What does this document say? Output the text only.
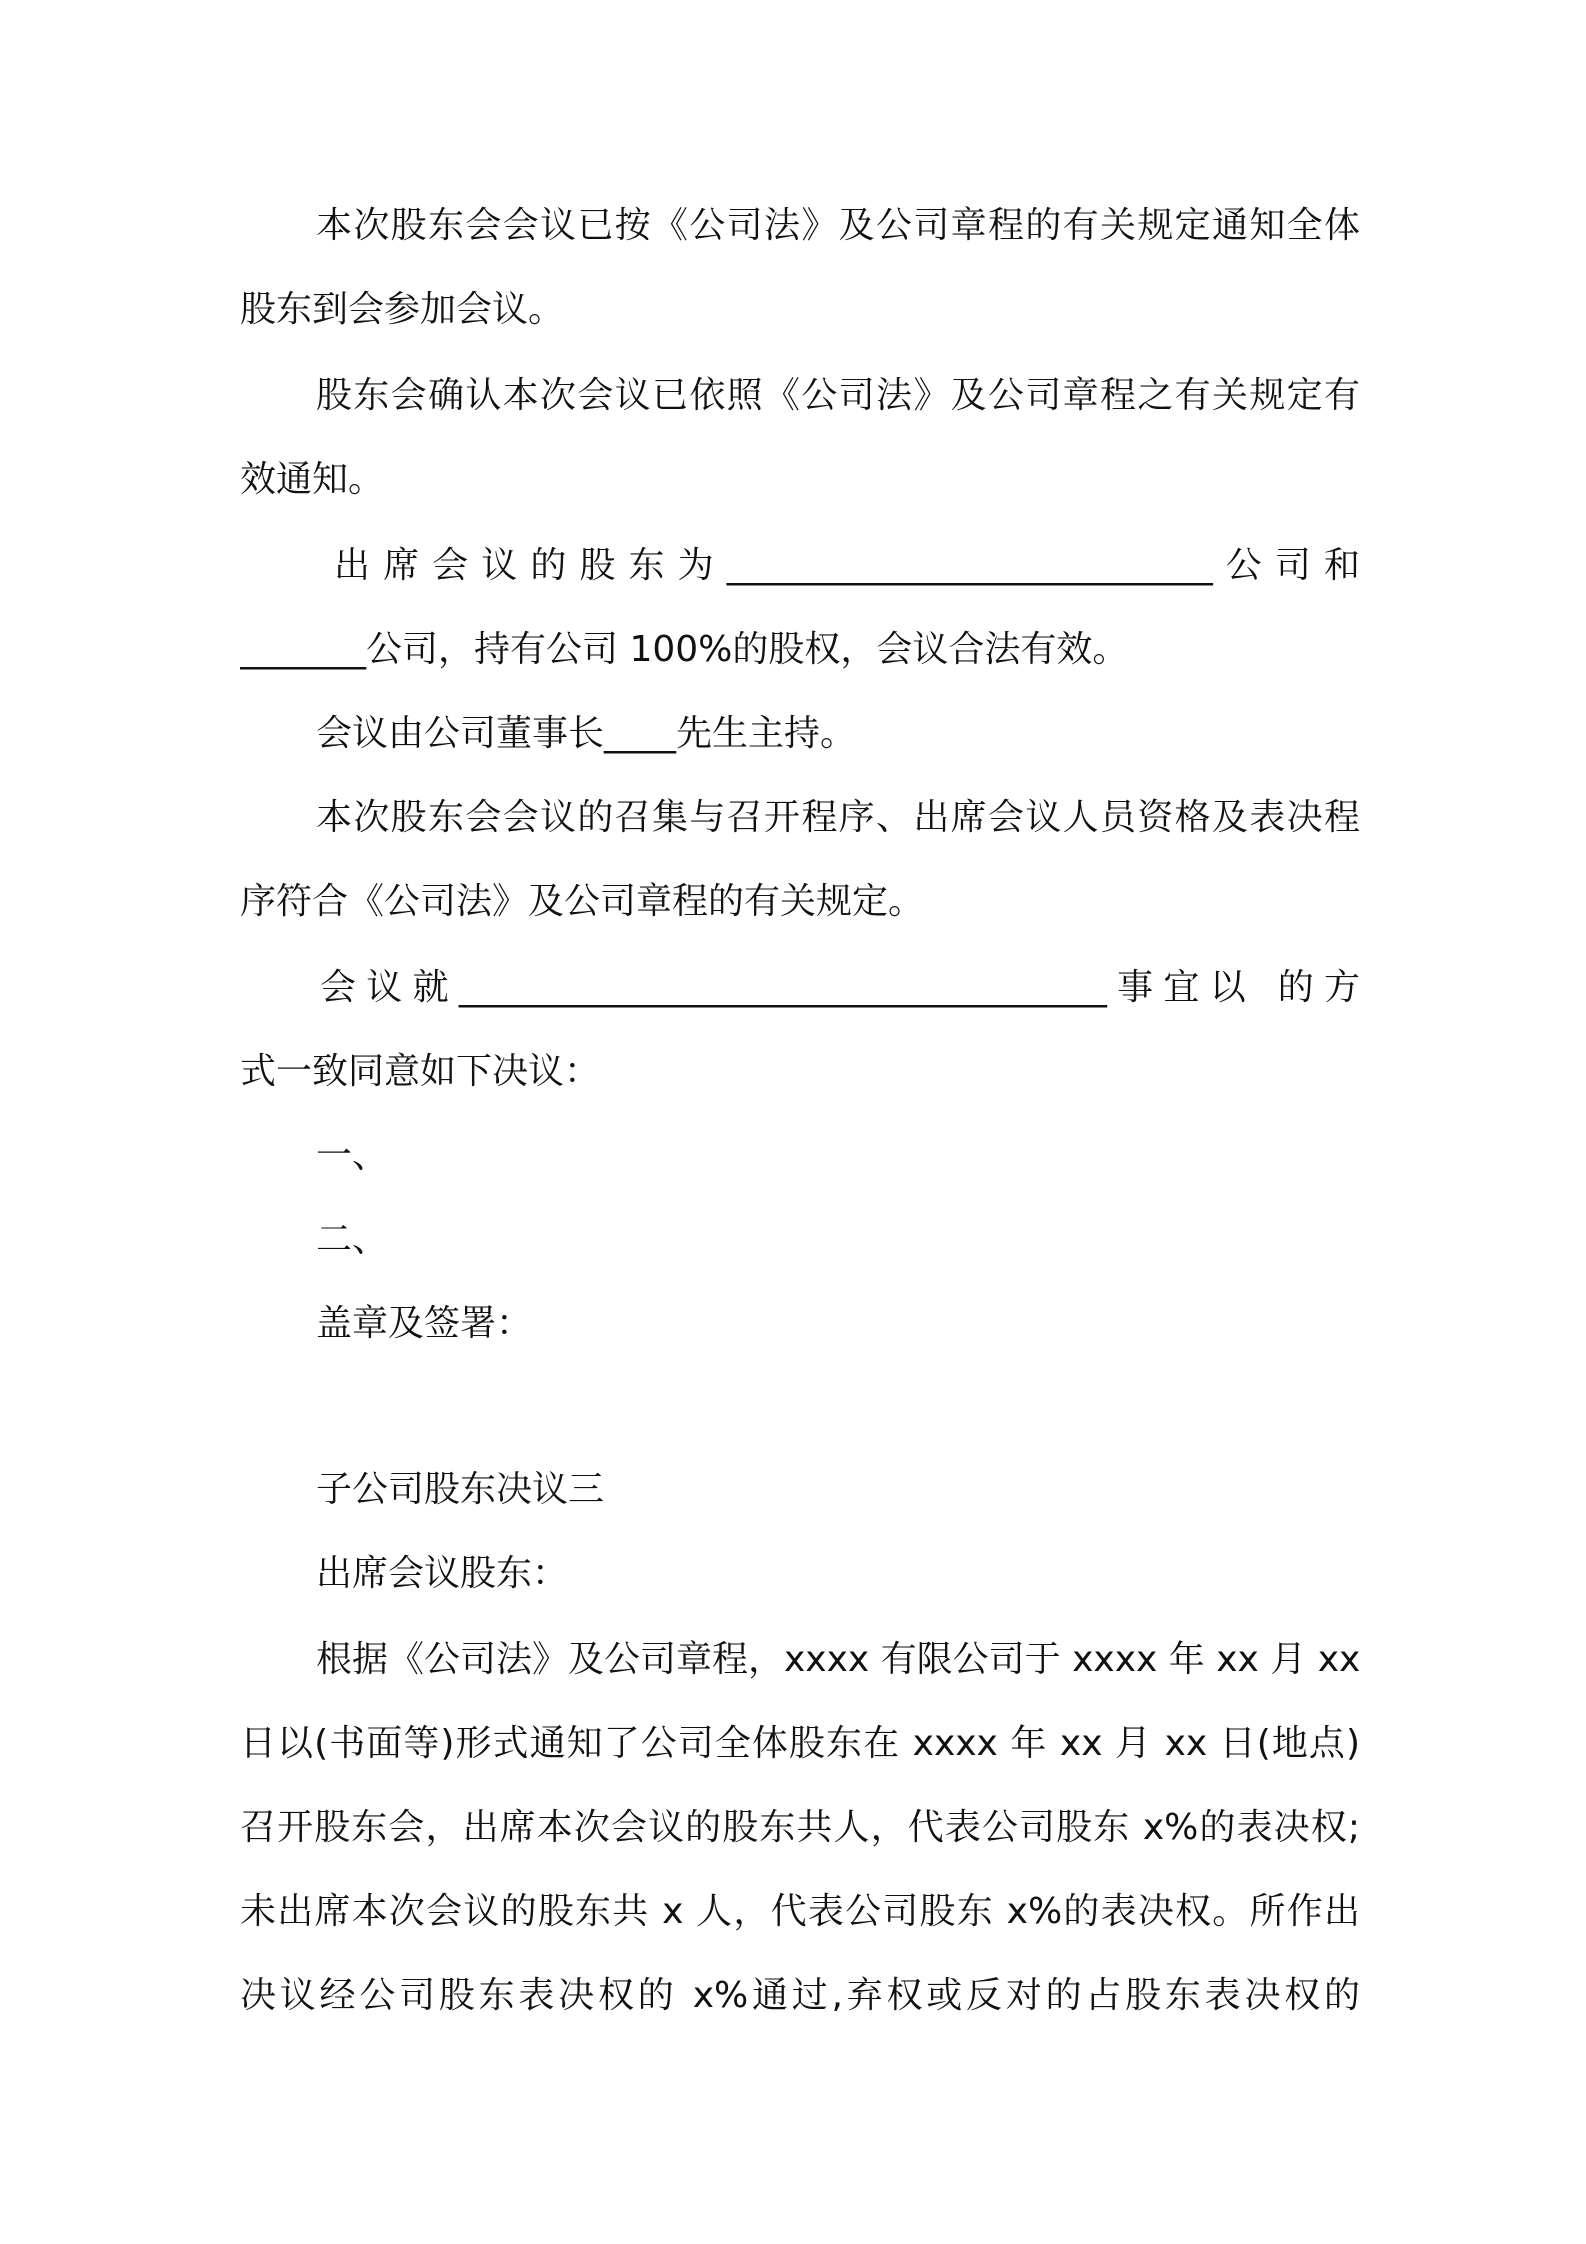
本次股东会会议已按《公司法》及公司章程的有关规定通知全体
股东到会参加会议。
股东会确认本次会议已依照《公司法》及公司章程之有关规定有
效通知。
出席会议的股东为___________________________公司和
_______公司，持有公司 100%的股权，会议合法有效。
会议由公司董事长____先生主持。
本次股东会会议的召集与召开程序、出席会议人员资格及表决程
序符合《公司法》及公司章程的有关规定。
会议就____________________________________事宜以 的方
式一致同意如下决议：
一、
二、
盖章及签署：
子公司股东决议三
出席会议股东：
根据《公司法》及公司章程，xxxx 有限公司于 xxxx 年 xx 月 xx
日以(书面等)形式通知了公司全体股东在 xxxx 年 xx 月 xx 日(地点)
召开股东会，出席本次会议的股东共人，代表公司股东 x%的表决权;
未出席本次会议的股东共 x 人，代表公司股东 x%的表决权。所作出
决议经公司股东表决权的 x%通过,弃权或反对的占股东表决权的
